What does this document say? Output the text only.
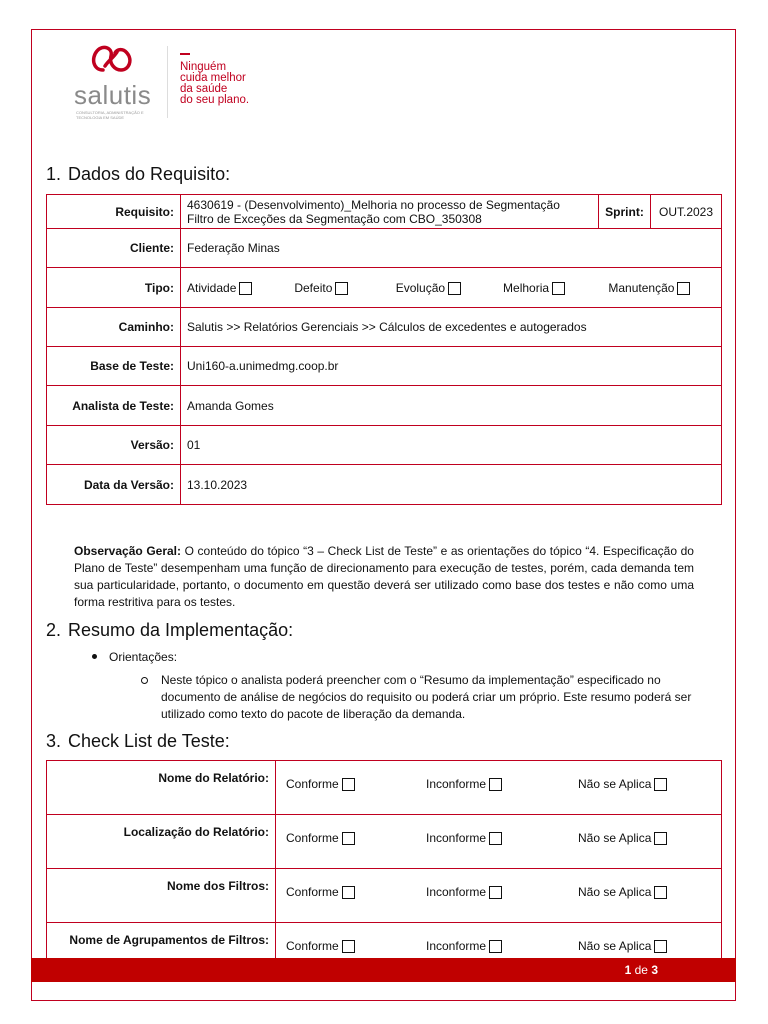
salutis
CONSULTORIA, ADMINISTRAÇÃO E TECNOLOGIA EM SAÚDE
Ninguém
cuida melhor
da saúde
do seu plano.
1. Dados do Requisito:
Requisito:	4630619 - (Desenvolvimento)_Melhoria no processo de Segmentação
Filtro de Exceções da Segmentação com CBO_350308	Sprint:	OUT.2023
Cliente:	Federação Minas		
Tipo:	Atividade Defeito Evolução Melhoria Manutenção		
Caminho:	Salutis >> Relatórios Gerenciais >> Cálculos de excedentes e autogerados		
Base de Teste:	Uni160-a.unimedmg.coop.br		
Analista de Teste:	Amanda Gomes		
Versão:	01		
Data da Versão:	13.10.2023		
Observação Geral: O conteúdo do tópico “3 – Check List de Teste” e as orientações do tópico “4. Especificação do Plano de Teste” desempenham uma função de direcionamento para execução de testes, porém, cada demanda tem sua particularidade, portanto, o documento em questão deverá ser utilizado como base dos testes e não como uma forma restritiva para os testes.
2. Resumo da Implementação:
Orientações:
Neste tópico o analista poderá preencher com o “Resumo da implementação” especificado no documento de análise de negócios do requisito ou poderá criar um próprio. Este resumo poderá ser utilizado como texto do pacote de liberação da demanda.
3. Check List de Teste:
Nome do Relatório:	Conforme Inconforme Não se Aplica
Localização do Relatório:	Conforme Inconforme Não se Aplica
Nome dos Filtros:	Conforme Inconforme Não se Aplica
Nome de Agrupamentos de Filtros:	Conforme Inconforme Não se Aplica
1 de 3
